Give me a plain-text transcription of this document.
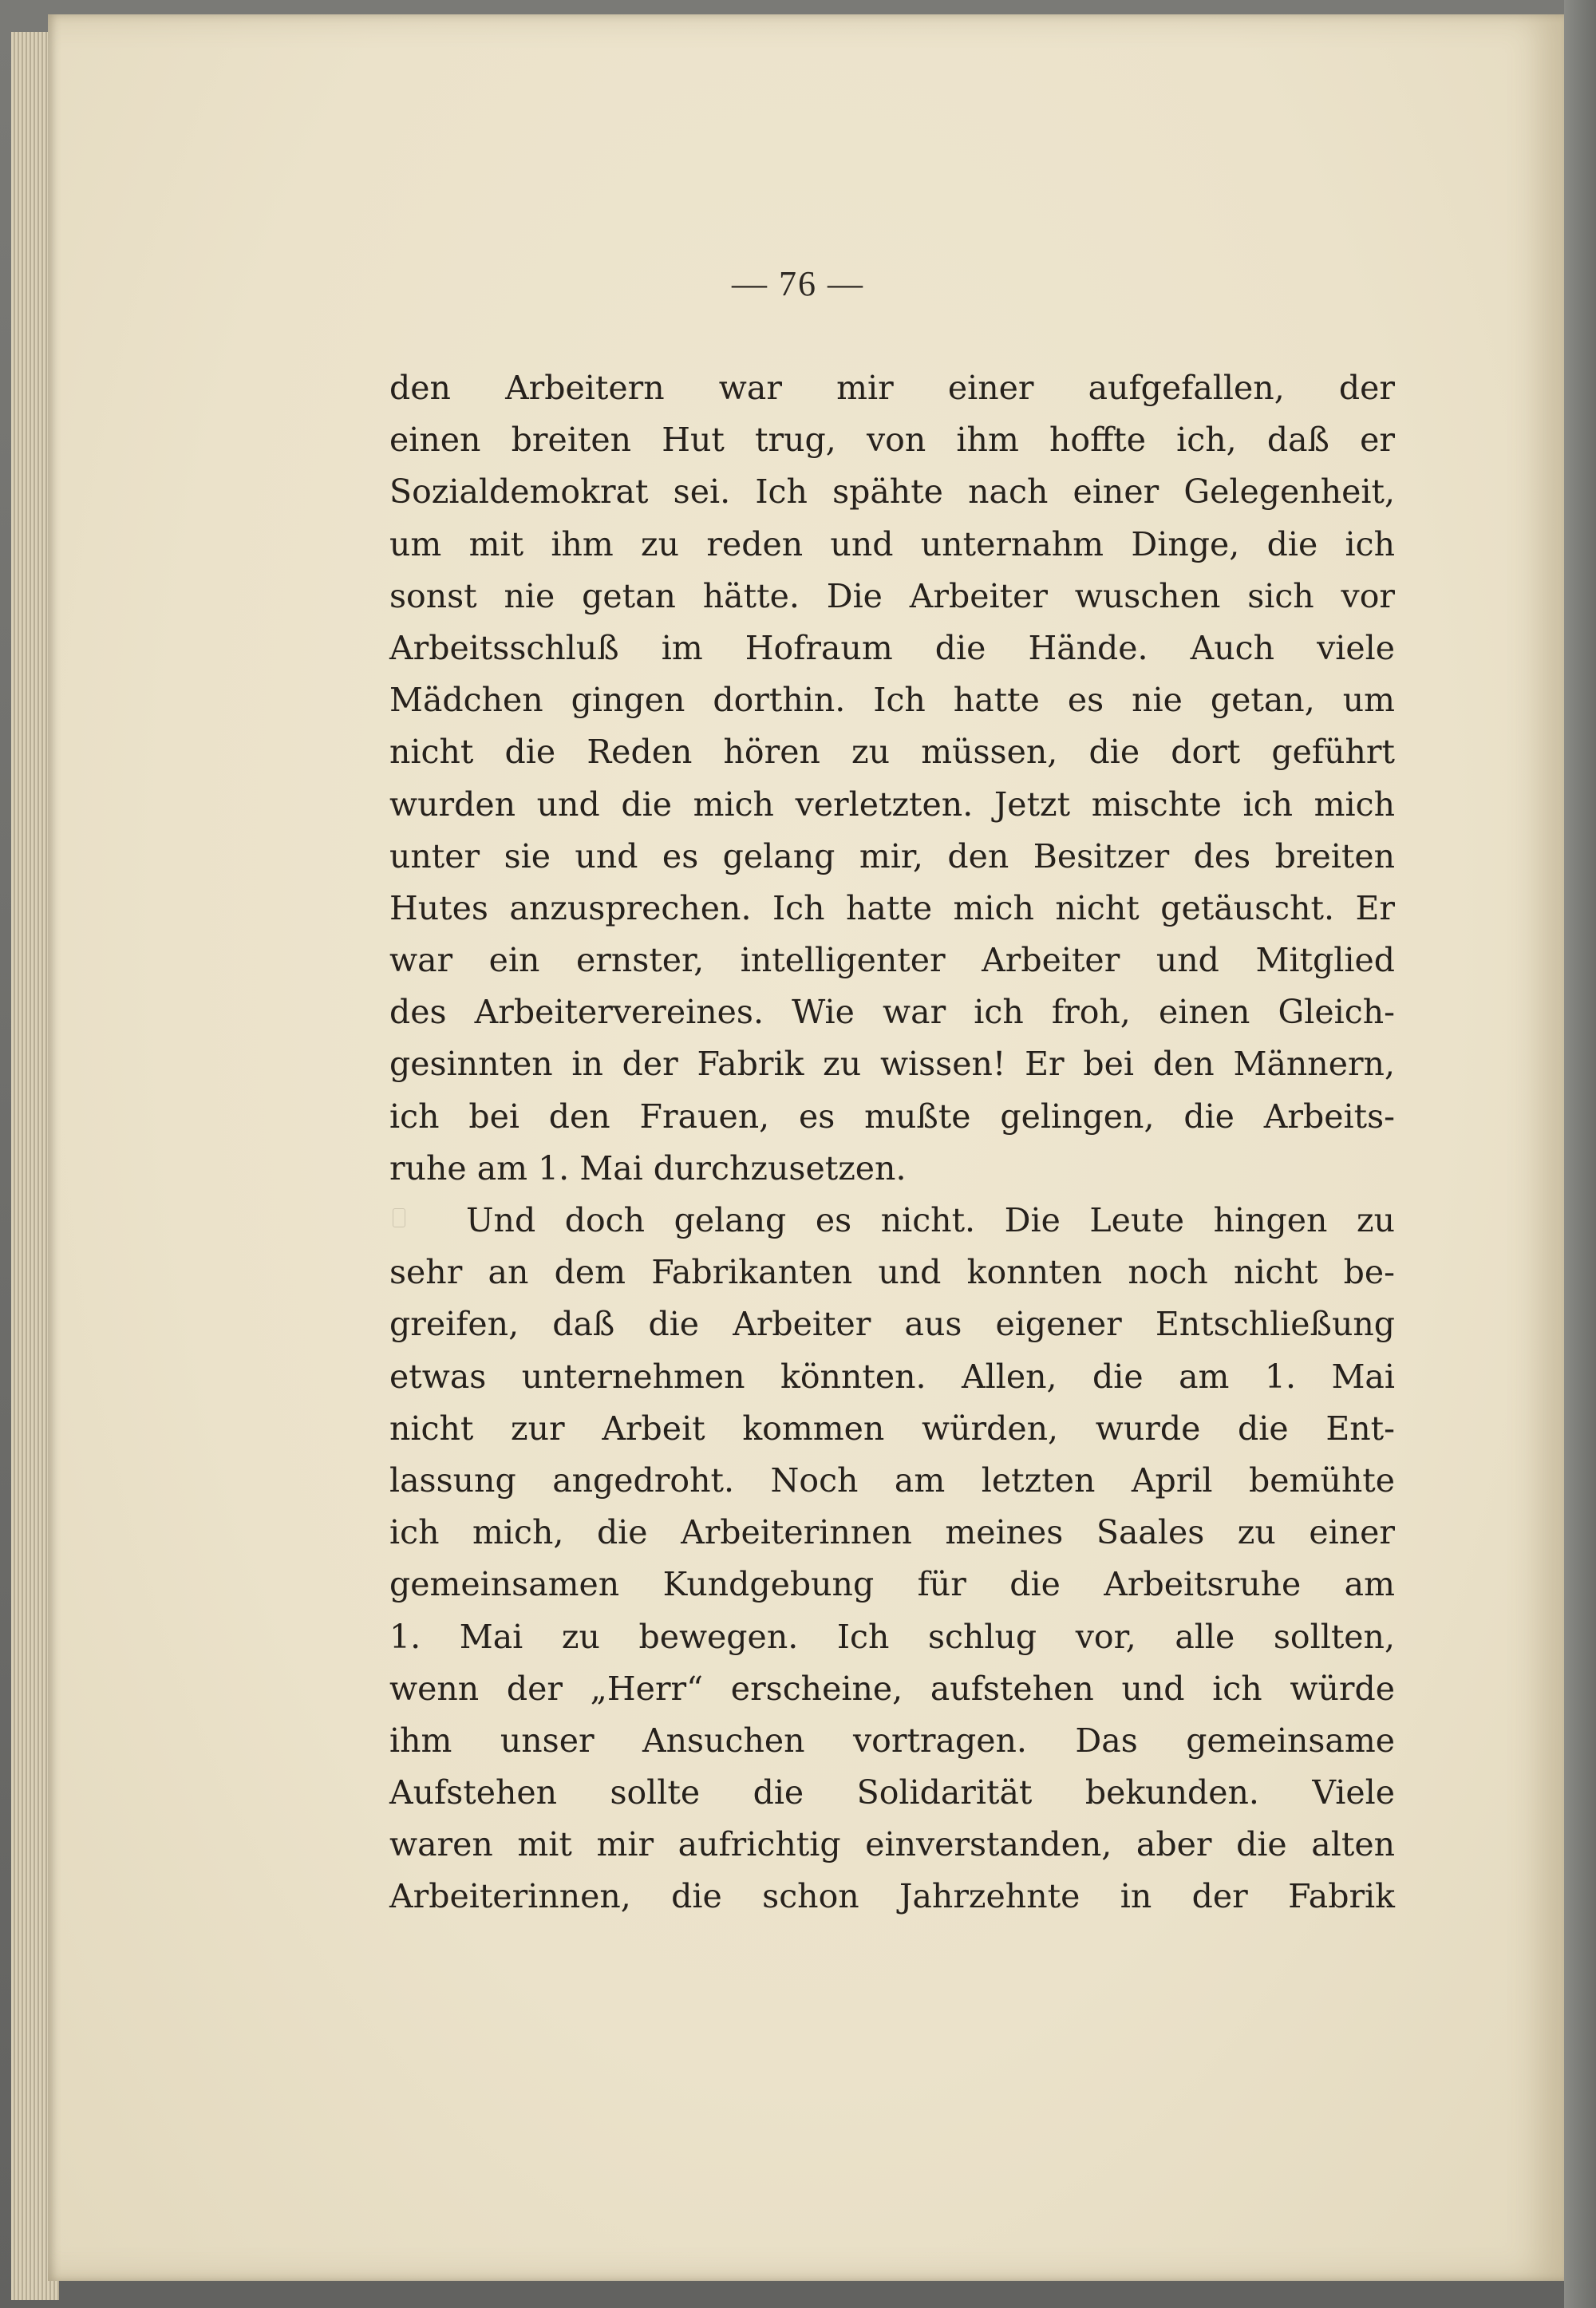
— 76 —
den Arbeitern war mir einer aufgefallen, der
einen breiten Hut trug, von ihm hoffte ich, daß er
Sozialdemokrat sei. Ich spähte nach einer Gelegenheit,
um mit ihm zu reden und unternahm Dinge, die ich
sonst nie getan hätte. Die Arbeiter wuschen sich vor
Arbeitsschluß im Hofraum die Hände. Auch viele
Mädchen gingen dorthin. Ich hatte es nie getan, um
nicht die Reden hören zu müssen, die dort geführt
wurden und die mich verletzten. Jetzt mischte ich mich
unter sie und es gelang mir, den Besitzer des breiten
Hutes anzusprechen. Ich hatte mich nicht getäuscht. Er
war ein ernster, intelligenter Arbeiter und Mitglied
des Arbeitervereines. Wie war ich froh, einen Gleich-
gesinnten in der Fabrik zu wissen! Er bei den Männern,
ich bei den Frauen, es mußte gelingen, die Arbeits-
ruhe am 1. Mai durchzusetzen.
Und doch gelang es nicht. Die Leute hingen zu
sehr an dem Fabrikanten und konnten noch nicht be-
greifen, daß die Arbeiter aus eigener Entschließung
etwas unternehmen könnten. Allen, die am 1. Mai
nicht zur Arbeit kommen würden, wurde die Ent-
lassung angedroht. Noch am letzten April bemühte
ich mich, die Arbeiterinnen meines Saales zu einer
gemeinsamen Kundgebung für die Arbeitsruhe am
1. Mai zu bewegen. Ich schlug vor, alle sollten,
wenn der „Herr“ erscheine, aufstehen und ich würde
ihm unser Ansuchen vortragen. Das gemeinsame
Aufstehen sollte die Solidarität bekunden. Viele
waren mit mir aufrichtig einverstanden, aber die alten
Arbeiterinnen, die schon Jahrzehnte in der Fabrik
